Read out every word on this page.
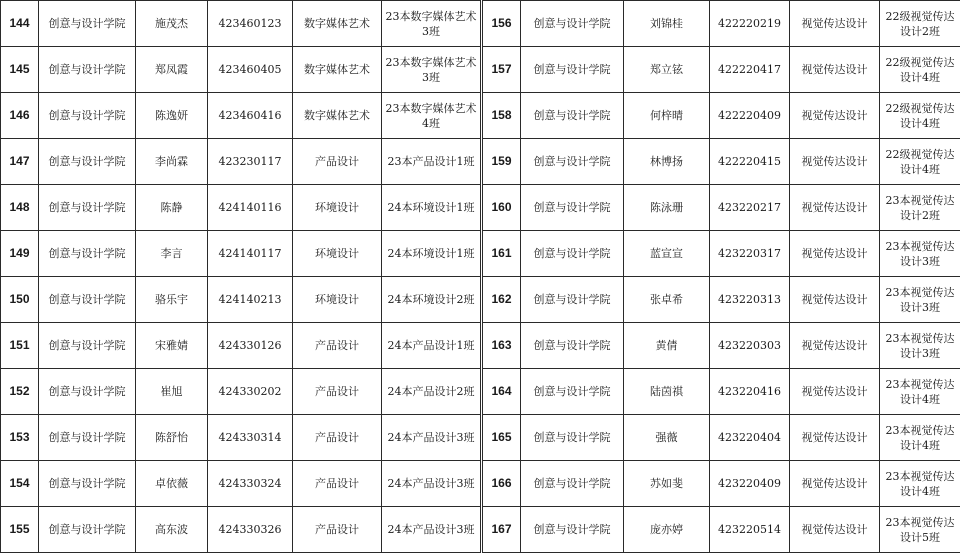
144	创意与设计学院	施茂杰	423460123	数字媒体艺术	23本数字媒体艺术3班
145	创意与设计学院	郑凤霞	423460405	数字媒体艺术	23本数字媒体艺术3班
146	创意与设计学院	陈逸妍	423460416	数字媒体艺术	23本数字媒体艺术4班
147	创意与设计学院	李尚霖	423230117	产品设计	23本产品设计1班
148	创意与设计学院	陈静	424140116	环境设计	24本环境设计1班
149	创意与设计学院	李言	424140117	环境设计	24本环境设计1班
150	创意与设计学院	骆乐宇	424140213	环境设计	24本环境设计2班
151	创意与设计学院	宋雅婧	424330126	产品设计	24本产品设计1班
152	创意与设计学院	崔旭	424330202	产品设计	24本产品设计2班
153	创意与设计学院	陈舒怡	424330314	产品设计	24本产品设计3班
154	创意与设计学院	卓依薇	424330324	产品设计	24本产品设计3班
155	创意与设计学院	高东波	424330326	产品设计	24本产品设计3班
156	创意与设计学院	刘锦桂	422220219	视觉传达设计	22级视觉传达设计2班
157	创意与设计学院	郑立铉	422220417	视觉传达设计	22级视觉传达设计4班
158	创意与设计学院	何梓晴	422220409	视觉传达设计	22级视觉传达设计4班
159	创意与设计学院	林博扬	422220415	视觉传达设计	22级视觉传达设计4班
160	创意与设计学院	陈泳珊	423220217	视觉传达设计	23本视觉传达设计2班
161	创意与设计学院	蓝宣宣	423220317	视觉传达设计	23本视觉传达设计3班
162	创意与设计学院	张卓希	423220313	视觉传达设计	23本视觉传达设计3班
163	创意与设计学院	黄倩	423220303	视觉传达设计	23本视觉传达设计3班
164	创意与设计学院	陆茵祺	423220416	视觉传达设计	23本视觉传达设计4班
165	创意与设计学院	强薇	423220404	视觉传达设计	23本视觉传达设计4班
166	创意与设计学院	苏如斐	423220409	视觉传达设计	23本视觉传达设计4班
167	创意与设计学院	庞亦婷	423220514	视觉传达设计	23本视觉传达设计5班
